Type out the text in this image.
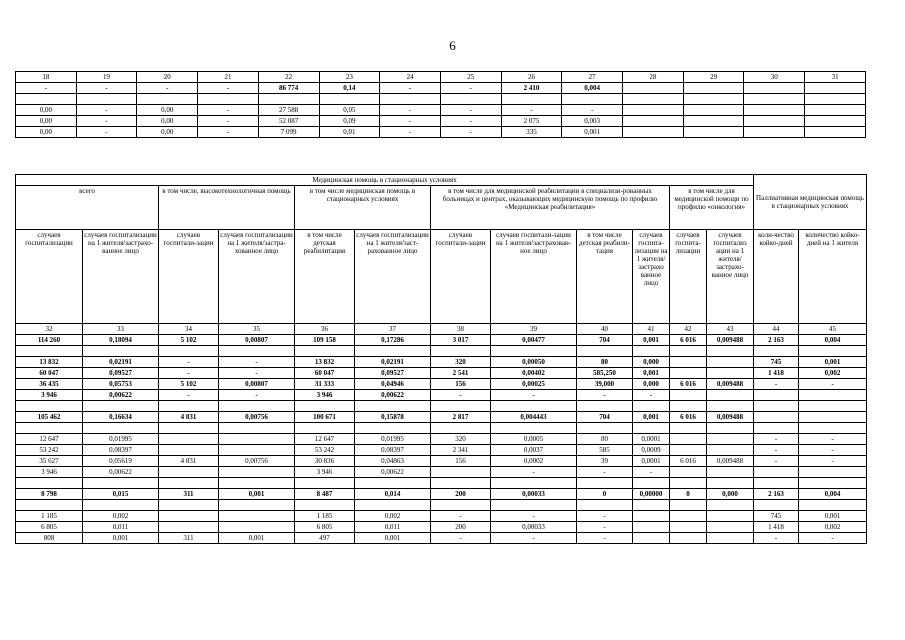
6
18	19	20	21	22	23	24	25	26	27	28	29	30	31
-	-	-	-	86 774	0,14	-	-	2 410	0,004				

0,00	-	0,00	-	27 588	0,05	-	-	-	-				
0,00	-	0,00	-	52 087	0,09	-	-	2 075	0,003				
0,00	-	0,00	-	7 099	0,01	-	-	335	0,001				
Медицинская помощь в стационарных условиях												Паллиативная медицинская помощь в стационарных условиях	
всего		в том числе, высокотехнологичная помощь		в том числе медицинская помощь в стационарных условиях		в том числе для медицинской реабилитации в специализи-рованных больницах и центрах, оказывающих медицинскую помощь по профилю «Медицинская реабилитация»				в том числе для медицинской помощи по профилю «онкология»			
случаев госпитализации	случаев госпитализации на 1 жителя/застрахо-ванное лицо	случаев госпитали-зации	случаев госпитализации на 1 жителя/застра-хованное лицо	в том числе детская реабилитация	случаев госпитализации на 1 жителя/заст-рахованное лицо	случаев госпитали-зации	случаев госпитали-зации на 1 жителя/застрахован-ное лицо	в том числе детская реабили-тация	случаев госпита-лизации на 1 жителя/ застрахо ванное лицо	случаев госпита-лизации	случаев госпитализ ации на 1 жителя/ застрахо-ванное лицо	коли-чество койко-дней	количество койко-дней на 1 жителя
32	33	34	35	36	37	38	39	40	41	42	43	44	45
114 260	0,18094	5 102	0,00807	109 158	0,17286	3 017	0,00477	704	0,001	6 016	0,009488	2 163	0,004

13 832	0,02191	-	-	13 832	0,02191	320	0,00050	80	0,000			745	0,001
60 047	0,09527	-	-	60 047	0,09527	2 541	0,00402	585,250	0,001			1 418	0,002
36 435	0,05753	5 102	0,00807	31 333	0,04946	156	0,00025	39,000	0,000	6 016	0,009488	-	-
3 946	0,00622	-	-	3 946	0,00622	-	-	-	-				

105 462	0,16634	4 831	0,00756	100 671	0,15878	2 817	0,004443	704	0,001	6 016	0,009488		

12 647	0,01995			12 647	0,01995	320	0,0005	80	0,0001			-	-
53 242	0,08397			53 242	0,08397	2 341	0,0037	585	0,0009			-	-
35 627	0,05619	4 831	0,00756	30 836	0,04863	156	0,0002	39	0,0001	6 016	0,009488	-	-
3 946	0,00622			3 946	0,00622		-	-	-				

8 798	0,015	311	0,001	8 487	0,014	200	0,00033	0	0,00000	0	0,000	2 163	0,004

1 185	0,002			1 185	0,002	-	-	-				745	0,001
6 805	0,011			6 805	0,011	200	0,00033	-				1 418	0,002
808	0,001	311	0,001	497	0,001	-	-	-				-	-
